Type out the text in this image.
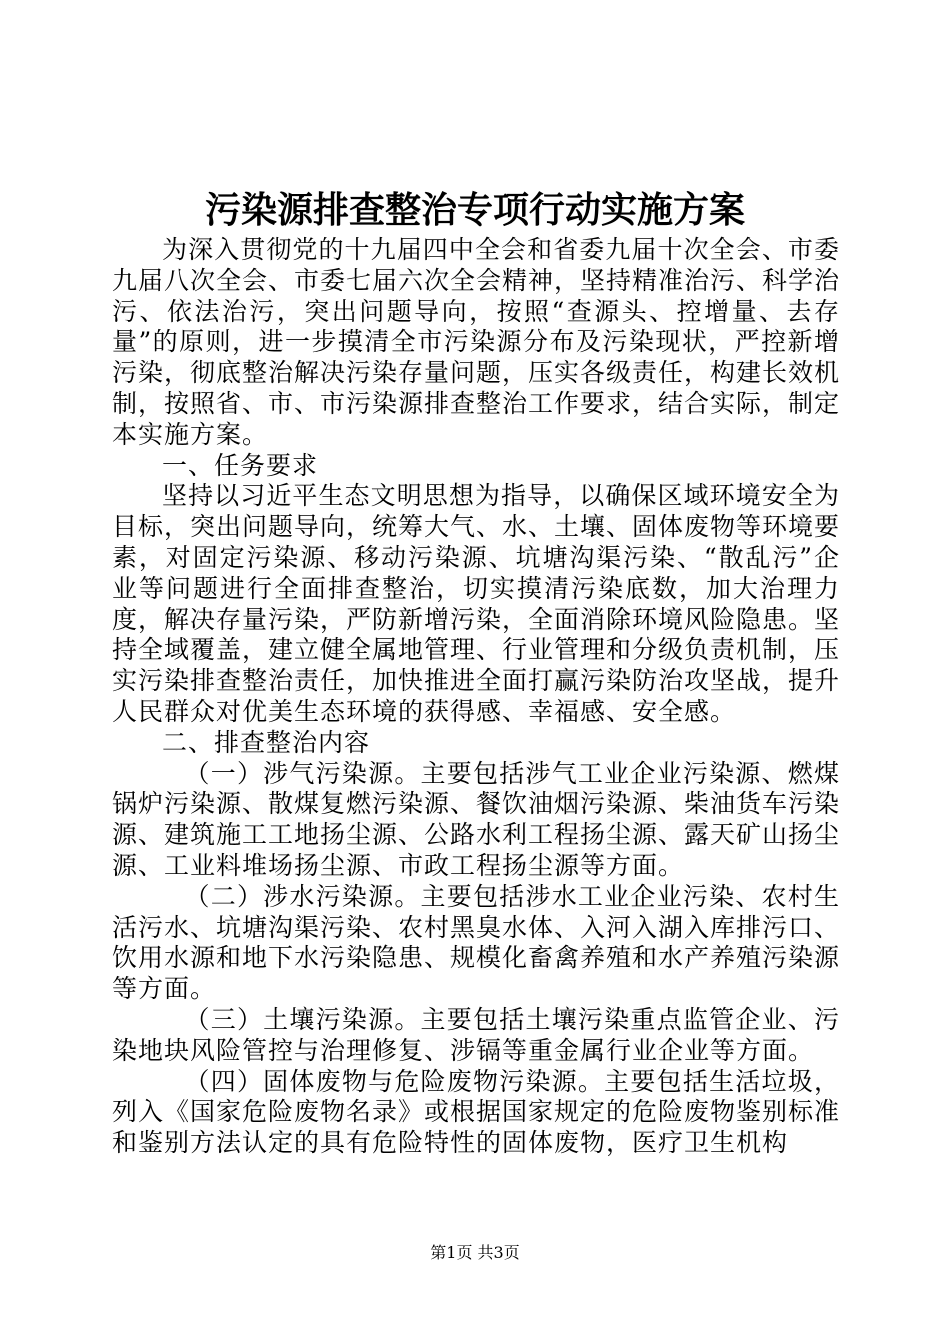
污染源排查整治专项行动实施方案

为深入贯彻党的十九届四中全会和省委九届十次全会、市委九届八次全会、市委七届六次全会精神，坚持精准治污、科学治污、依法治污，突出问题导向，按照“查源头、控增量、去存量”的原则，进一步摸清全市污染源分布及污染现状，严控新增污染，彻底整治解决污染存量问题，压实各级责任，构建长效机制，按照省、市、市污染源排查整治工作要求，结合实际，制定本实施方案。

一、任务要求

坚持以习近平生态文明思想为指导，以确保区域环境安全为目标，突出问题导向，统筹大气、水、土壤、固体废物等环境要素，对固定污染源、移动污染源、坑塘沟渠污染、“散乱污”企业等问题进行全面排查整治，切实摸清污染底数，加大治理力度，解决存量污染，严防新增污染，全面消除环境风险隐患。坚持全域覆盖，建立健全属地管理、行业管理和分级负责机制，压实污染排查整治责任，加快推进全面打赢污染防治攻坚战，提升人民群众对优美生态环境的获得感、幸福感、安全感。

二、排查整治内容

（一）涉气污染源。主要包括涉气工业企业污染源、燃煤锅炉污染源、散煤复燃污染源、餐饮油烟污染源、柴油货车污染源、建筑施工工地扬尘源、公路水利工程扬尘源、露天矿山扬尘源、工业料堆场扬尘源、市政工程扬尘源等方面。

（二）涉水污染源。主要包括涉水工业企业污染、农村生活污水、坑塘沟渠污染、农村黑臭水体、入河入湖入库排污口、饮用水源和地下水污染隐患、规模化畜禽养殖和水产养殖污染源等方面。

（三）土壤污染源。主要包括土壤污染重点监管企业、污染地块风险管控与治理修复、涉镉等重金属行业企业等方面。

（四）固体废物与危险废物污染源。主要包括生活垃圾，列入《国家危险废物名录》或根据国家规定的危险废物鉴别标准和鉴别方法认定的具有危险特性的固体废物，医疗卫生机构

第1页 共3页
